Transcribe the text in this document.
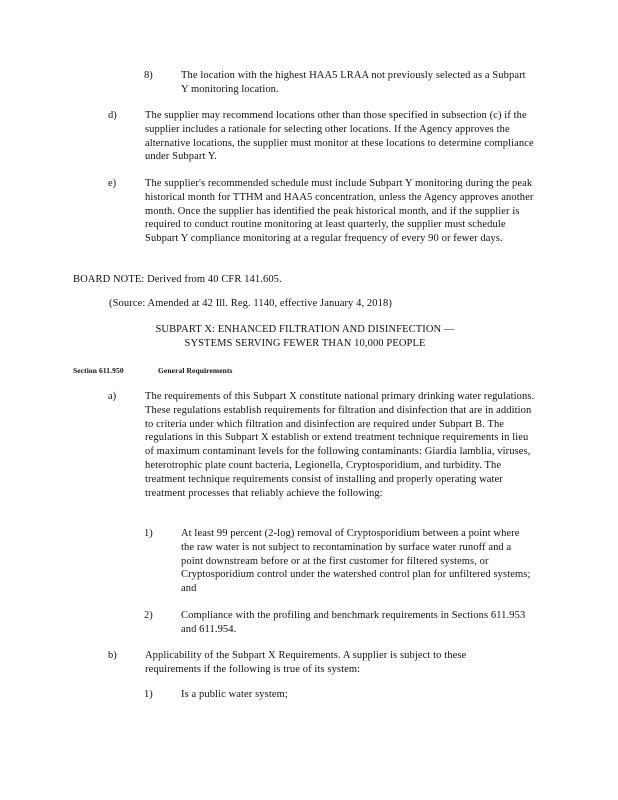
8)	The location with the highest HAA5 LRAA not previously selected as a Subpart Y monitoring location.
d)	The supplier may recommend locations other than those specified in subsection (c) if the supplier includes a rationale for selecting other locations. If the Agency approves the alternative locations, the supplier must monitor at these locations to determine compliance under Subpart Y.
e)	The supplier's recommended schedule must include Subpart Y monitoring during the peak historical month for TTHM and HAA5 concentration, unless the Agency approves another month. Once the supplier has identified the peak historical month, and if the supplier is required to conduct routine monitoring at least quarterly, the supplier must schedule Subpart Y compliance monitoring at a regular frequency of every 90 or fewer days.
BOARD NOTE: Derived from 40 CFR 141.605.
(Source: Amended at 42 Ill. Reg. 1140, effective January 4, 2018)
SUBPART X: ENHANCED FILTRATION AND DISINFECTION —
SYSTEMS SERVING FEWER THAN 10,000 PEOPLE
Section 611.950	General Requirements
a)	The requirements of this Subpart X constitute national primary drinking water regulations. These regulations establish requirements for filtration and disinfection that are in addition to criteria under which filtration and disinfection are required under Subpart B. The regulations in this Subpart X establish or extend treatment technique requirements in lieu of maximum contaminant levels for the following contaminants: Giardia lamblia, viruses, heterotrophic plate count bacteria, Legionella, Cryptosporidium, and turbidity. The treatment technique requirements consist of installing and properly operating water treatment processes that reliably achieve the following:
1)	At least 99 percent (2-log) removal of Cryptosporidium between a point where the raw water is not subject to recontamination by surface water runoff and a point downstream before or at the first customer for filtered systems, or Cryptosporidium control under the watershed control plan for unfiltered systems; and
2)	Compliance with the profiling and benchmark requirements in Sections 611.953 and 611.954.
b)	Applicability of the Subpart X Requirements. A supplier is subject to these requirements if the following is true of its system:
1)	Is a public water system;
